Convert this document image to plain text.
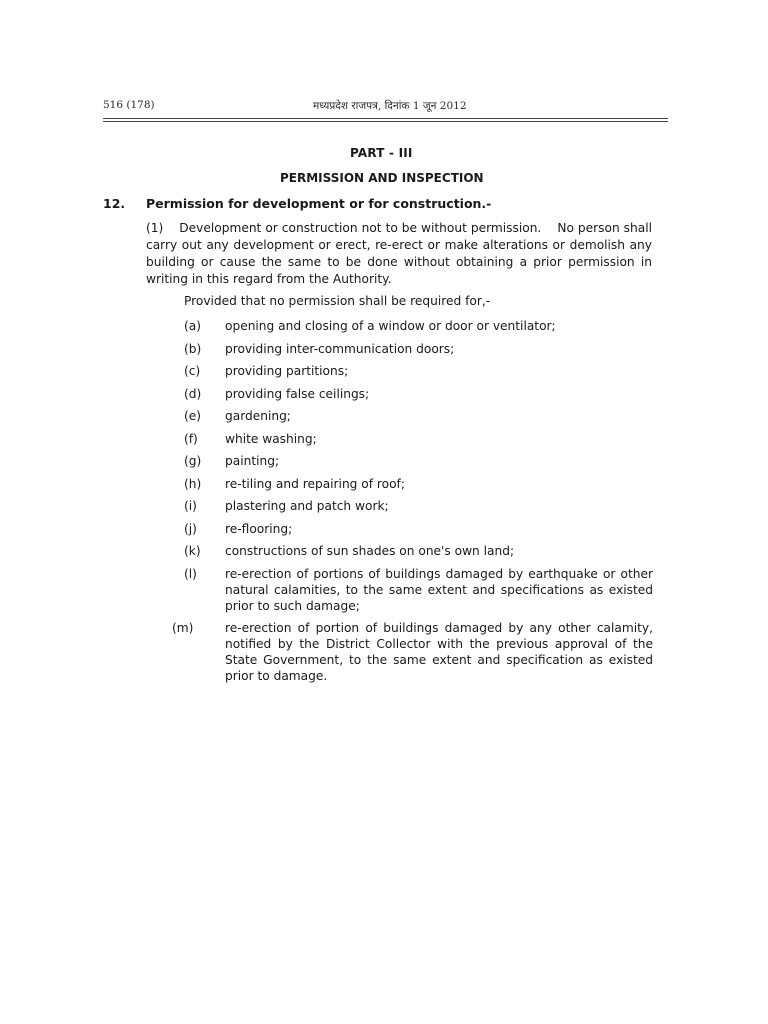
516 (178)	मध्यप्रदेश राजपत्र, दिनांक 1 जून 2012
PART - III
PERMISSION AND INSPECTION
12. Permission for development or for construction.-
(1)    Development or construction not to be without permission.    No person shall carry out any development or erect, re-erect or make alterations or demolish any building or cause the same to be done without obtaining a prior permission in writing in this regard from the Authority.
Provided that no permission shall be required for,-
(a) opening and closing of a window or door or ventilator;
(b) providing inter-communication doors;
(c) providing partitions;
(d) providing false ceilings;
(e) gardening;
(f) white washing;
(g) painting;
(h) re-tiling and repairing of roof;
(i) plastering and patch work;
(j) re-flooring;
(k) constructions of sun shades on one's own land;
(l) re-erection of portions of buildings damaged by earthquake or other natural calamities, to the same extent and specifications as existed prior to such damage;
(m)	re-erection of portion of buildings damaged by any other calamity, notified by the District Collector with the previous approval of the State Government, to the same extent and specification as existed prior to damage.
